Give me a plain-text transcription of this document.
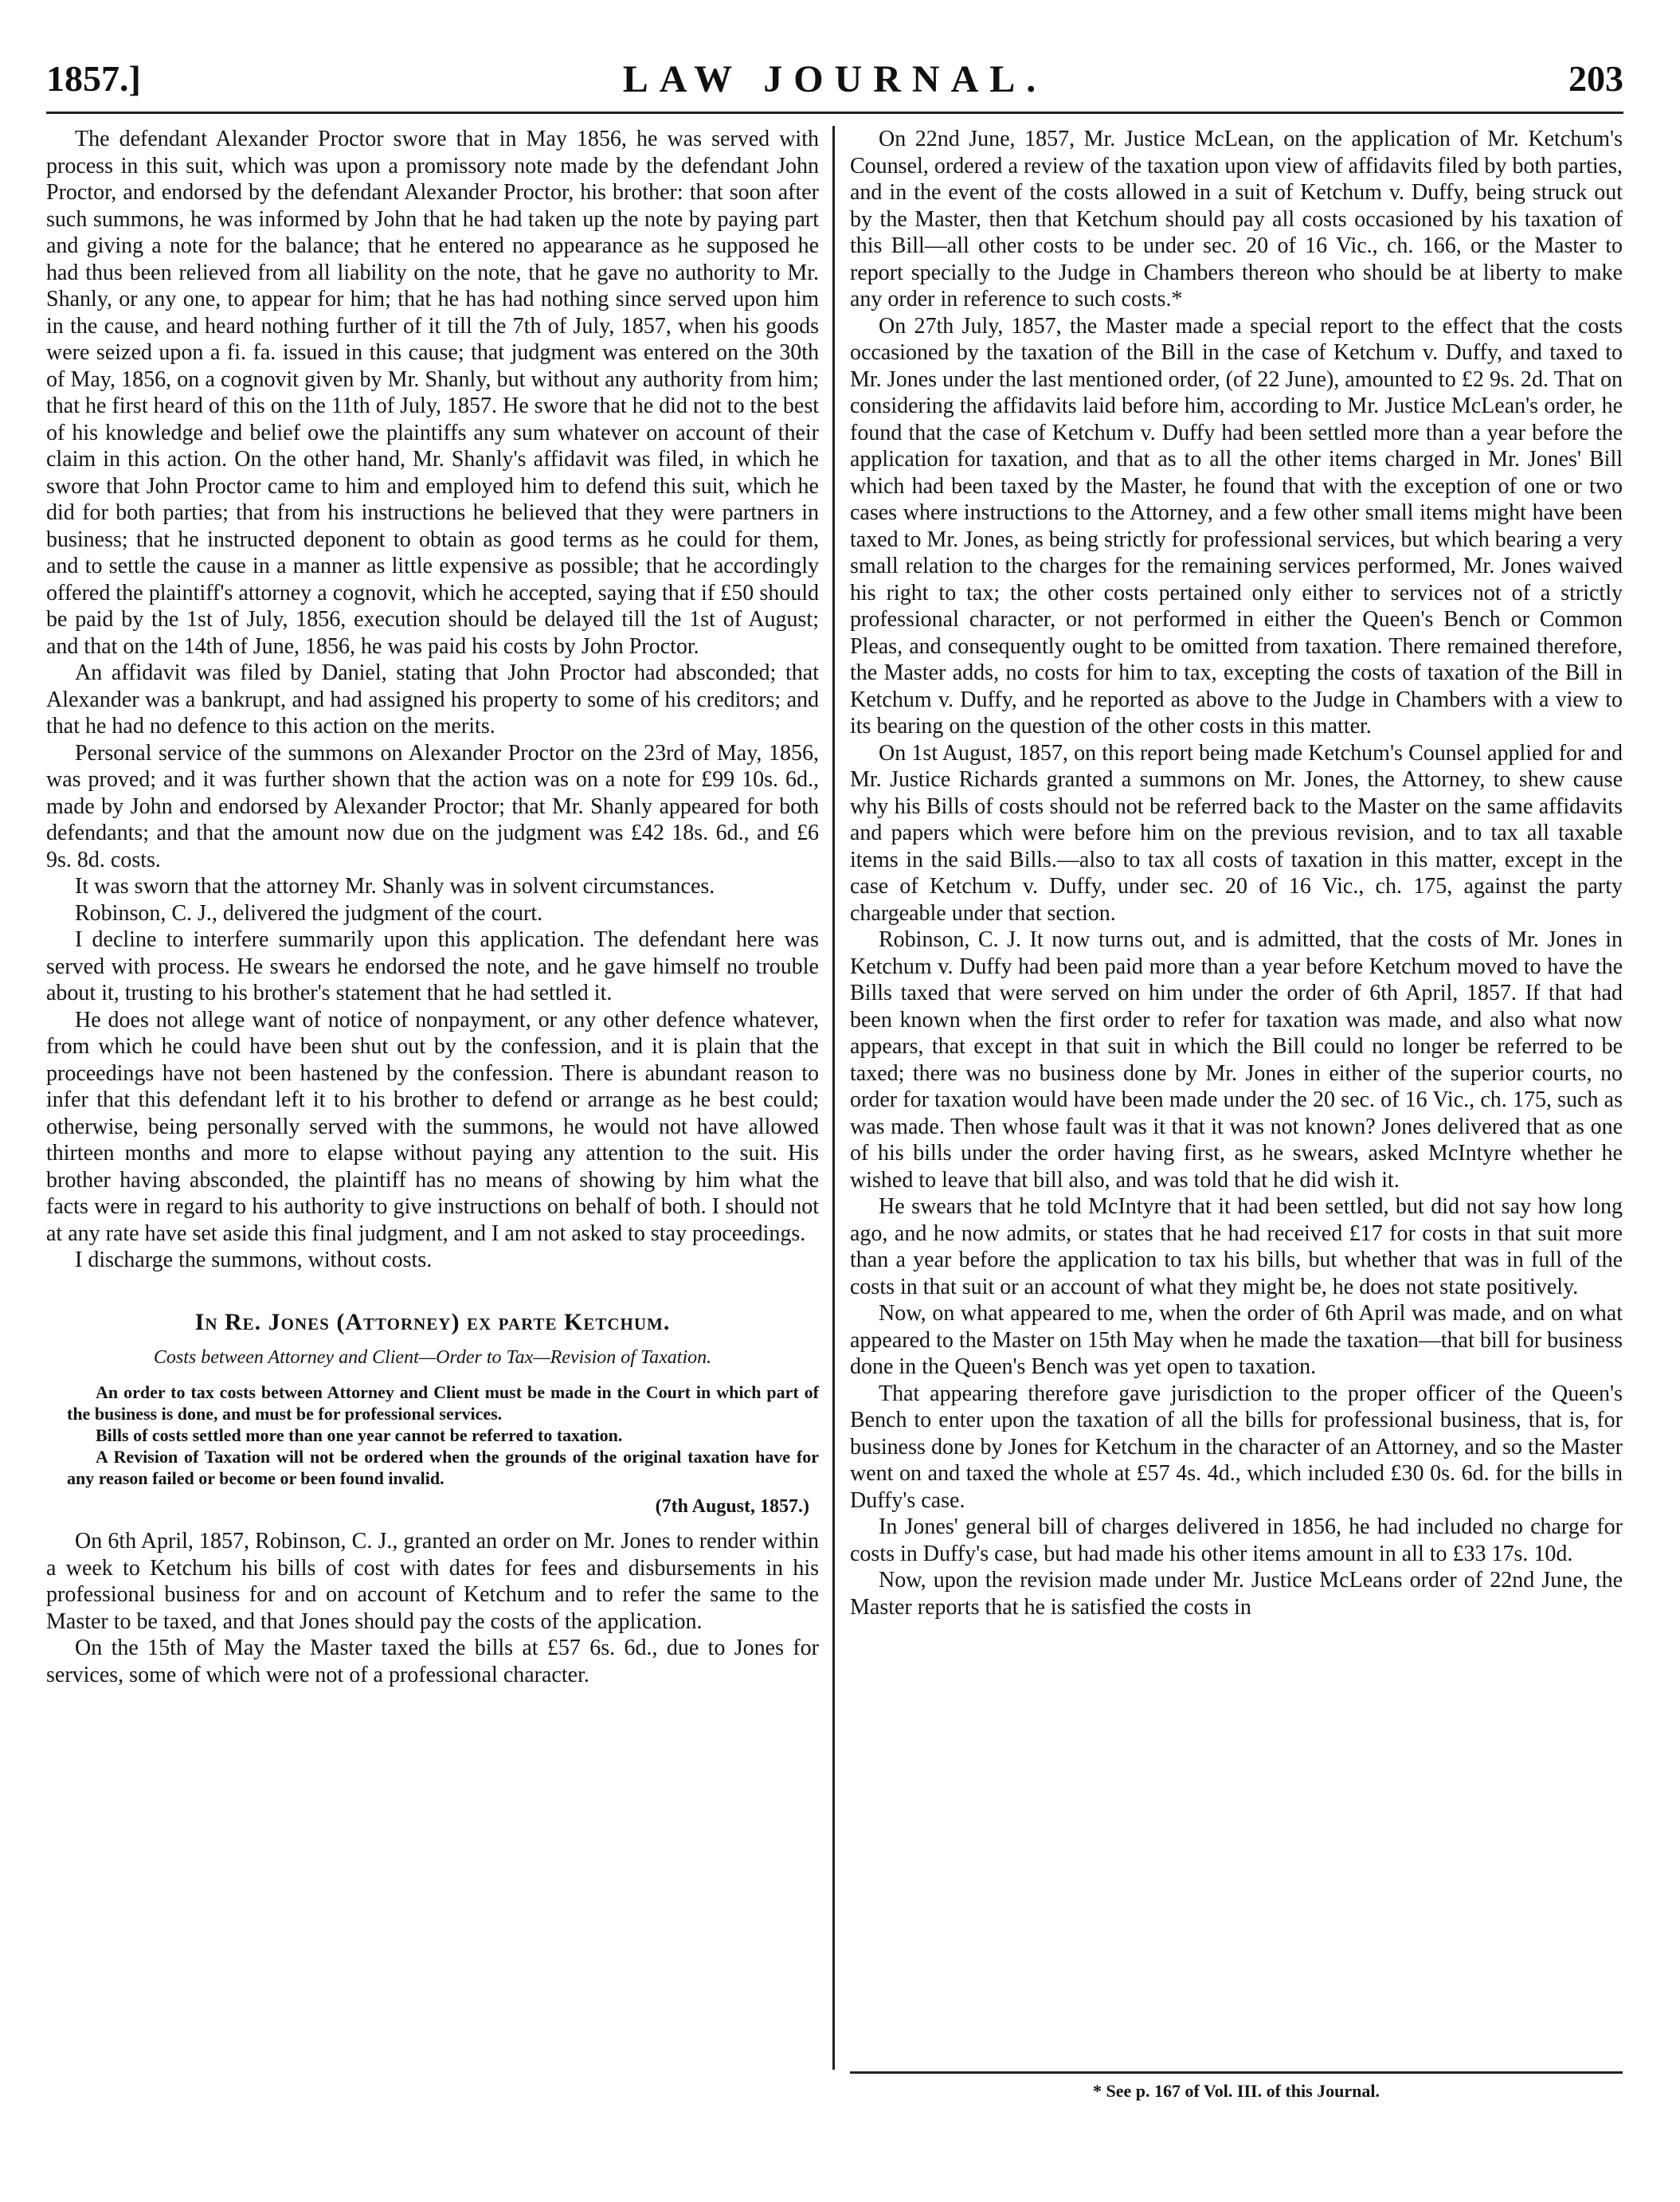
1857.]	LAW JOURNAL.	203

The defendant Alexander Proctor swore that in May 1856, he was served with process in this suit, which was upon a promissory note made by the defendant John Proctor, and endorsed by the defendant Alexander Proctor, his brother: that soon after such summons, he was informed by John that he had taken up the note by paying part and giving a note for the balance; that he entered no appearance as he supposed he had thus been relieved from all liability on the note, that he gave no authority to Mr. Shanly, or any one, to appear for him; that he has had nothing since served upon him in the cause, and heard nothing further of it till the 7th of July, 1857, when his goods were seized upon a fi. fa. issued in this cause; that judgment was entered on the 30th of May, 1856, on a cognovit given by Mr. Shanly, but without any authority from him; that he first heard of this on the 11th of July, 1857. He swore that he did not to the best of his knowledge and belief owe the plaintiffs any sum whatever on account of their claim in this action. On the other hand, Mr. Shanly's affidavit was filed, in which he swore that John Proctor came to him and employed him to defend this suit, which he did for both parties; that from his instructions he believed that they were partners in business; that he instructed deponent to obtain as good terms as he could for them, and to settle the cause in a manner as little expensive as possible; that he accordingly offered the plaintiff's attorney a cognovit, which he accepted, saying that if £50 should be paid by the 1st of July, 1856, execution should be delayed till the 1st of August; and that on the 14th of June, 1856, he was paid his costs by John Proctor.

An affidavit was filed by Daniel, stating that John Proctor had absconded; that Alexander was a bankrupt, and had assigned his property to some of his creditors; and that he had no defence to this action on the merits.

Personal service of the summons on Alexander Proctor on the 23rd of May, 1856, was proved; and it was further shown that the action was on a note for £99 10s. 6d., made by John and endorsed by Alexander Proctor; that Mr. Shanly appeared for both defendants; and that the amount now due on the judgment was £42 18s. 6d., and £6 9s. 8d. costs.

It was sworn that the attorney Mr. Shanly was in solvent circumstances.

Robinson, C. J., delivered the judgment of the court.

I decline to interfere summarily upon this application. The defendant here was served with process. He swears he endorsed the note, and he gave himself no trouble about it, trusting to his brother's statement that he had settled it.

He does not allege want of notice of nonpayment, or any other defence whatever, from which he could have been shut out by the confession, and it is plain that the proceedings have not been hastened by the confession. There is abundant reason to infer that this defendant left it to his brother to defend or arrange as he best could; otherwise, being personally served with the summons, he would not have allowed thirteen months and more to elapse without paying any attention to the suit. His brother having absconded, the plaintiff has no means of showing by him what the facts were in regard to his authority to give instructions on behalf of both. I should not at any rate have set aside this final judgment, and I am not asked to stay proceedings.

I discharge the summons, without costs.

In Re. Jones (Attorney) ex parte Ketchum.
Costs between Attorney and Client—Order to Tax—Revision of Taxation.

An order to tax costs between Attorney and Client must be made in the Court in which part of the business is done, and must be for professional services.

Bills of costs settled more than one year cannot be referred to taxation.

A Revision of Taxation will not be ordered when the grounds of the original taxation have for any reason failed or become or been found invalid.

(7th August, 1857.)

On 6th April, 1857, Robinson, C. J., granted an order on Mr. Jones to render within a week to Ketchum his bills of cost with dates for fees and disbursements in his professional business for and on account of Ketchum and to refer the same to the Master to be taxed, and that Jones should pay the costs of the application.

On the 15th of May the Master taxed the bills at £57 6s. 6d., due to Jones for services, some of which were not of a professional character.

On 22nd June, 1857, Mr. Justice McLean, on the application of Mr. Ketchum's Counsel, ordered a review of the taxation upon view of affidavits filed by both parties, and in the event of the costs allowed in a suit of Ketchum v. Duffy, being struck out by the Master, then that Ketchum should pay all costs occasioned by his taxation of this Bill—all other costs to be under sec. 20 of 16 Vic., ch. 166, or the Master to report specially to the Judge in Chambers thereon who should be at liberty to make any order in reference to such costs.*

On 27th July, 1857, the Master made a special report to the effect that the costs occasioned by the taxation of the Bill in the case of Ketchum v. Duffy, and taxed to Mr. Jones under the last mentioned order, (of 22 June), amounted to £2 9s. 2d. That on considering the affidavits laid before him, according to Mr. Justice McLean's order, he found that the case of Ketchum v. Duffy had been settled more than a year before the application for taxation, and that as to all the other items charged in Mr. Jones' Bill which had been taxed by the Master, he found that with the exception of one or two cases where instructions to the Attorney, and a few other small items might have been taxed to Mr. Jones, as being strictly for professional services, but which bearing a very small relation to the charges for the remaining services performed, Mr. Jones waived his right to tax; the other costs pertained only either to services not of a strictly professional character, or not performed in either the Queen's Bench or Common Pleas, and consequently ought to be omitted from taxation. There remained therefore, the Master adds, no costs for him to tax, excepting the costs of taxation of the Bill in Ketchum v. Duffy, and he reported as above to the Judge in Chambers with a view to its bearing on the question of the other costs in this matter.

On 1st August, 1857, on this report being made Ketchum's Counsel applied for and Mr. Justice Richards granted a summons on Mr. Jones, the Attorney, to shew cause why his Bills of costs should not be referred back to the Master on the same affidavits and papers which were before him on the previous revision, and to tax all taxable items in the said Bills.—also to tax all costs of taxation in this matter, except in the case of Ketchum v. Duffy, under sec. 20 of 16 Vic., ch. 175, against the party chargeable under that section.

Robinson, C. J. It now turns out, and is admitted, that the costs of Mr. Jones in Ketchum v. Duffy had been paid more than a year before Ketchum moved to have the Bills taxed that were served on him under the order of 6th April, 1857. If that had been known when the first order to refer for taxation was made, and also what now appears, that except in that suit in which the Bill could no longer be referred to be taxed; there was no business done by Mr. Jones in either of the superior courts, no order for taxation would have been made under the 20 sec. of 16 Vic., ch. 175, such as was made. Then whose fault was it that it was not known? Jones delivered that as one of his bills under the order having first, as he swears, asked McIntyre whether he wished to leave that bill also, and was told that he did wish it.

He swears that he told McIntyre that it had been settled, but did not say how long ago, and he now admits, or states that he had received £17 for costs in that suit more than a year before the application to tax his bills, but whether that was in full of the costs in that suit or an account of what they might be, he does not state positively.

Now, on what appeared to me, when the order of 6th April was made, and on what appeared to the Master on 15th May when he made the taxation—that bill for business done in the Queen's Bench was yet open to taxation.

That appearing therefore gave jurisdiction to the proper officer of the Queen's Bench to enter upon the taxation of all the bills for professional business, that is, for business done by Jones for Ketchum in the character of an Attorney, and so the Master went on and taxed the whole at £57 4s. 4d., which included £30 0s. 6d. for the bills in Duffy's case.

In Jones' general bill of charges delivered in 1856, he had included no charge for costs in Duffy's case, but had made his other items amount in all to £33 17s. 10d.

Now, upon the revision made under Mr. Justice McLeans order of 22nd June, the Master reports that he is satisfied the costs in

* See p. 167 of Vol. III. of this Journal.
